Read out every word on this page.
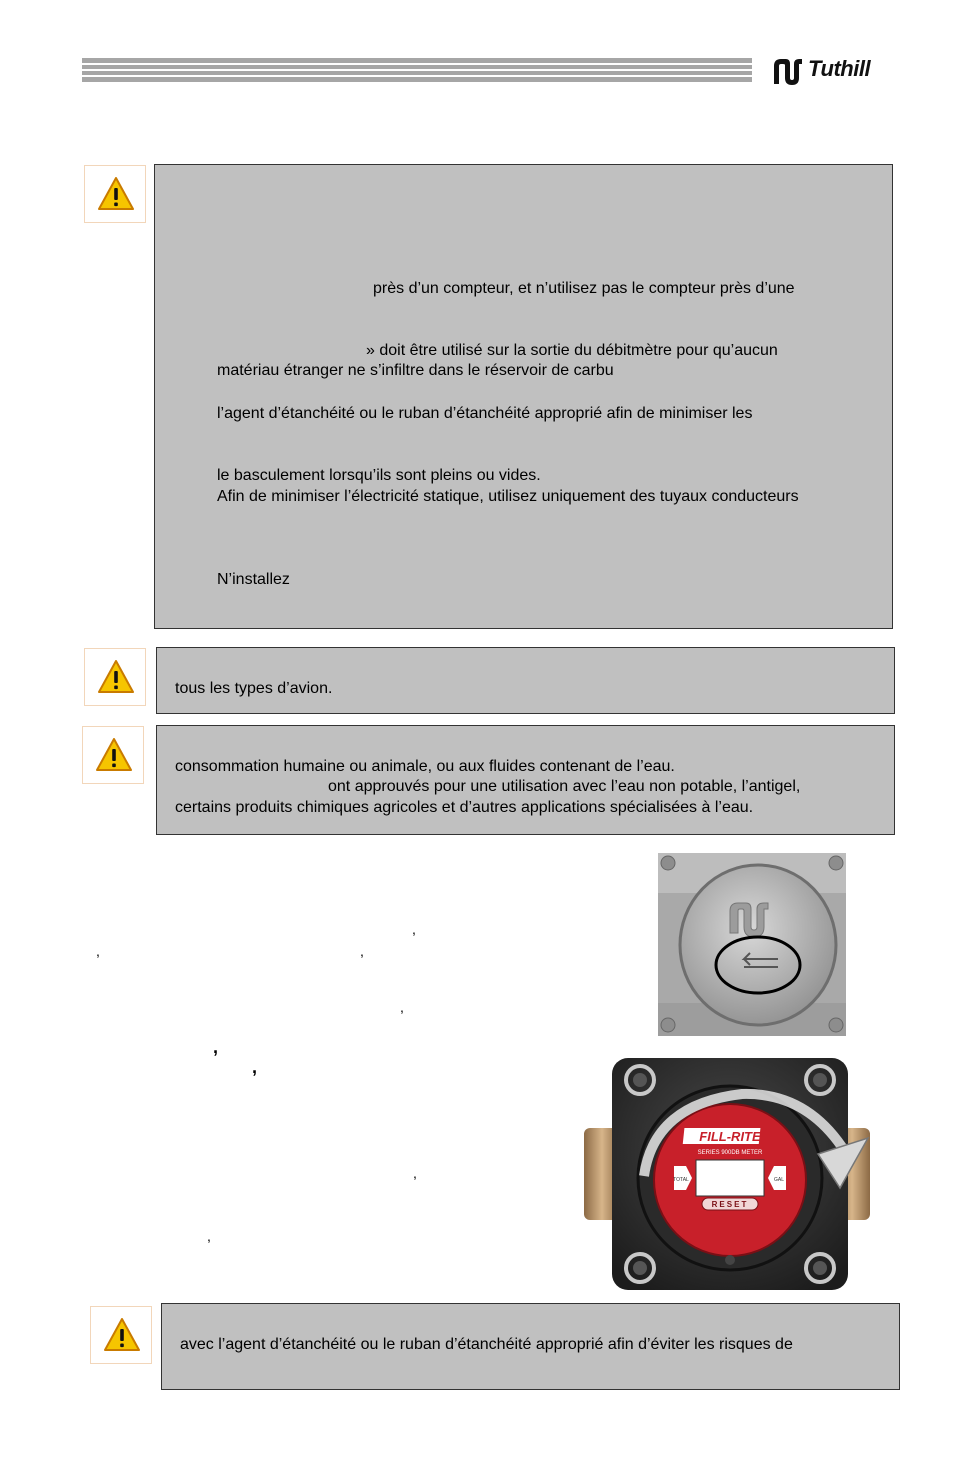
Tuthill
près d’un compteur, et n’utilisez pas le compteur près d’une
» doit être utilisé sur la sortie du débitmètre pour qu’aucun
matériau étranger ne s’infiltre dans le réservoir de carbu
l’agent d’étanchéité ou le ruban d’étanchéité approprié afin de minimiser les
le basculement lorsqu’ils sont pleins ou vides.
Afin de minimiser l’électricité statique, utilisez uniquement des tuyaux conducteurs
N’installez
tous les types d’avion.
consommation humaine ou animale, ou aux fluides contenant de l’eau.
ont approuvés pour une utilisation avec l’eau non potable, l’antigel,
certains produits chimiques agricoles et d’autres applications spécialisées à l’eau.
,
,	,
,
,
,
,
,
FILL-RITE
SERIES 900DB METER
TOTAL	GAL
RESET
avec l’agent d’étanchéité ou le ruban d’étanchéité approprié afin d’éviter les risques de
